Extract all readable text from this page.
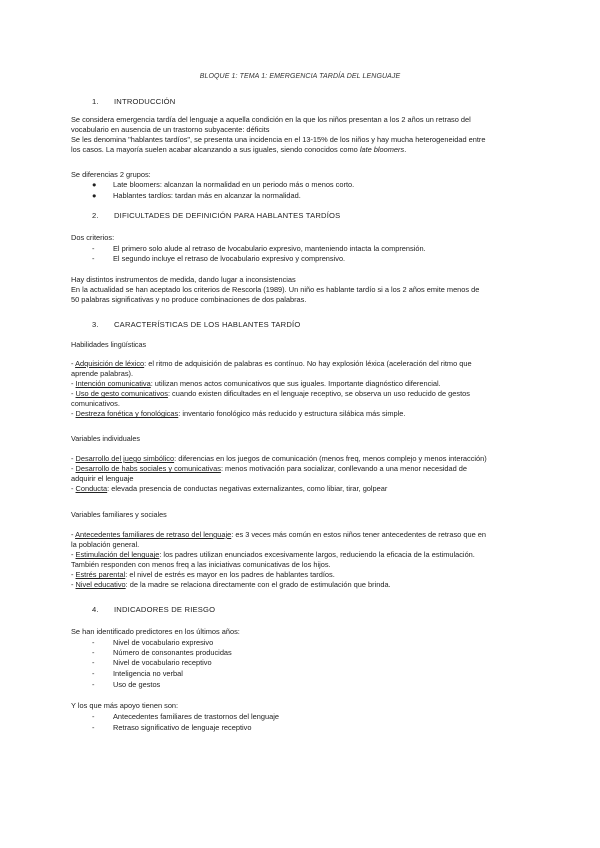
BLOQUE 1: TEMA 1: EMERGENCIA TARDÍA DEL LENGUAJE
1.	INTRODUCCIÓN
Se considera emergencia tardía del lenguaje a aquella condición en la que los niños presentan a los 2 años un retraso del
vocabulario en ausencia de un trastorno subyacente: déficits
Se les denomina "hablantes tardíos", se presenta una incidencia en el 13-15% de los niños y hay mucha heterogeneidad entre
los casos. La mayoría suelen acabar alcanzando a sus iguales, siendo conocidos como late bloomers.
Se diferencias 2 grupos:
● Late bloomers: alcanzan la normalidad en un periodo más o menos corto.
● Hablantes tardíos: tardan más en alcanzar la normalidad.
2.	DIFICULTADES DE DEFINICIÓN PARA HABLANTES TARDÍOS
Dos criterios:
-	El primero solo alude al retraso de lvocabulario expresivo, manteniendo intacta la comprensión.
-	El segundo incluye el retraso de lvocabulario expresivo y comprensivo.
Hay distintos instrumentos de medida, dando lugar a inconsistencias
En la actualidad se han aceptado los criterios de Rescorla (1989). Un niño es hablante tardío si a los 2 años emite menos de
50 palabras significativas y no produce combinaciones de dos palabras.
3.	CARACTERÍSTICAS DE LOS HABLANTES TARDÍO
Habilidades lingüísticas
- Adquisición de léxico: el ritmo de adquisición de palabras es contínuo. No hay explosión léxica (aceleración del ritmo que
aprende palabras).
- Intención comunicativa: utilizan menos actos comunicativos que sus iguales. Importante diagnóstico diferencial.
- Uso de gesto comunicativos: cuando existen dificultades en el lenguaje receptivo, se observa un uso reducido de gestos
comunicativos.
- Destreza fonética y fonológicas: inventario fonológico más reducido y estructura silábica más simple.
Variables individuales
- Desarrollo del juego simbólico: diferencias en los juegos de comunicación (menos freq, menos complejo y menos interacción)
- Desarrollo de habs sociales y comunicativas: menos motivación para socializar, conllevando a una menor necesidad de
adquirir el lenguaje
- Conducta: elevada presencia de conductas negativas externalizantes, como libiar, tirar, golpear
Variables familiares y sociales
- Antecedentes familiares de retraso del lenguaje: es 3 veces más común en estos niños tener antecedentes de retraso que en
la población general.
- Estimulación del lenguaje: los padres utilizan enunciados excesivamente largos, reduciendo la eficacia de la estimulación.
También responden con menos freq a las iniciativas comunicativas de los hijos.
- Estrés parental: el nivel de estrés es mayor en los padres de hablantes tardíos.
- Nivel educativo: de la madre se relaciona directamente con el grado de estimulación que brinda.
4.	INDICADORES DE RIESGO
Se han identificado predictores en los últimos años:
-	Nivel de vocabulario expresivo
-	Número de consonantes producidas
-	Nivel de vocabulario receptivo
-	Inteligencia no verbal
-	Uso de gestos
Y los que más apoyo tienen son:
-	Antecedentes familiares de trastornos del lenguaje
-	Retraso significativo de lenguaje receptivo
